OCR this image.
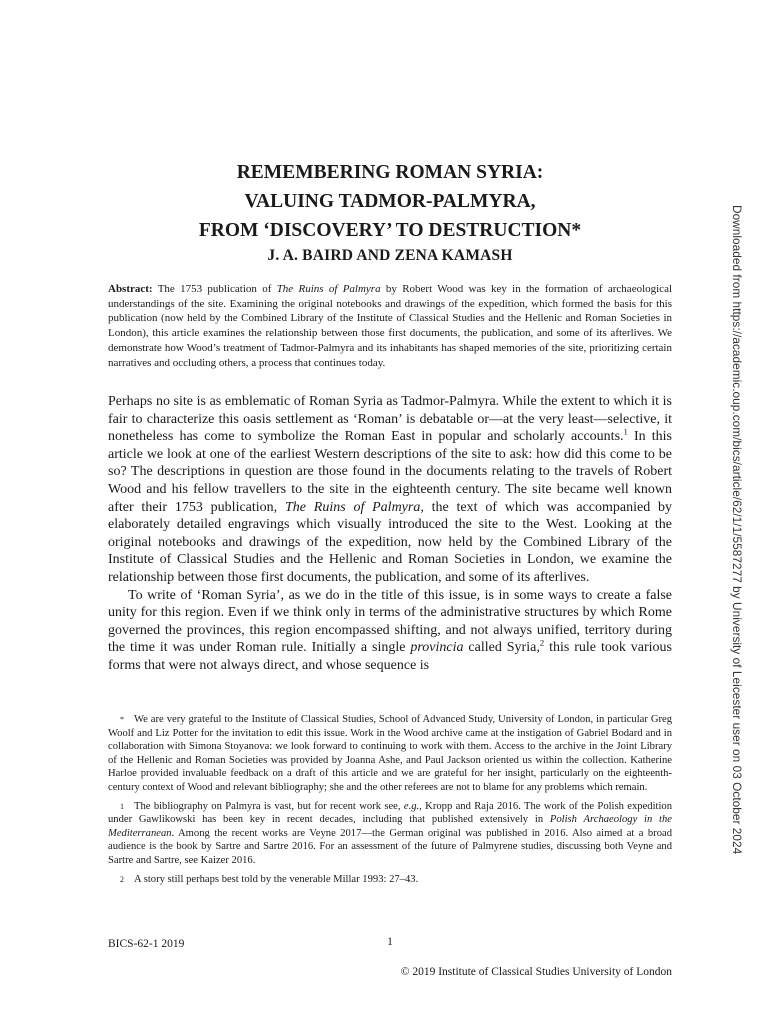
REMEMBERING ROMAN SYRIA:
VALUING TADMOR-PALMYRA,
FROM ‘DISCOVERY’ TO DESTRUCTION*
J. A. BAIRD AND ZENA KAMASH

Abstract: The 1753 publication of The Ruins of Palmyra by Robert Wood was key in the formation of archaeological understandings of the site. Examining the original notebooks and drawings of the expedition, which formed the basis for this publication (now held by the Combined Library of the Institute of Classical Studies and the Hellenic and Roman Societies in London), this article examines the relationship between those first documents, the publication, and some of its afterlives. We demonstrate how Wood’s treatment of Tadmor-Palmyra and its inhabitants has shaped memories of the site, prioritizing certain narratives and occluding others, a process that continues today.

Perhaps no site is as emblematic of Roman Syria as Tadmor-Palmyra. While the extent to which it is fair to characterize this oasis settlement as ‘Roman’ is debatable or—at the very least—selective, it nonetheless has come to symbolize the Roman East in popular and scholarly accounts.$^1$ In this article we look at one of the earliest Western descriptions of the site to ask: how did this come to be so? The descriptions in question are those found in the documents relating to the travels of Robert Wood and his fellow travellers to the site in the eighteenth century. The site became well known after their 1753 publication, The Ruins of Palmyra, the text of which was accompanied by elaborately detailed engravings which visually introduced the site to the West. Looking at the original notebooks and drawings of the expedition, now held by the Combined Library of the Institute of Classical Studies and the Hellenic and Roman Societies in London, we examine the relationship between those first documents, the publication, and some of its afterlives.

To write of ‘Roman Syria’, as we do in the title of this issue, is in some ways to create a false unity for this region. Even if we think only in terms of the administrative structures by which Rome governed the provinces, this region encompassed shifting, and not always unified, territory during the time it was under Roman rule. Initially a single provincia called Syria,$^2$ this rule took various forms that were not always direct, and whose sequence is

* We are very grateful to the Institute of Classical Studies, School of Advanced Study, University of London, in particular Greg Woolf and Liz Potter for the invitation to edit this issue. Work in the Wood archive came at the instigation of Gabriel Bodard and in collaboration with Simona Stoyanova: we look forward to continuing to work with them. Access to the archive in the Joint Library of the Hellenic and Roman Societies was provided by Joanna Ashe, and Paul Jackson oriented us within the collection. Katherine Harloe provided invaluable feedback on a draft of this article and we are grateful for her insight, particularly on the eighteenth-century context of Wood and relevant bibliography; she and the other referees are not to blame for any problems which remain.

1 The bibliography on Palmyra is vast, but for recent work see, e.g., Kropp and Raja 2016. The work of the Polish expedition under Gawlikowski has been key in recent decades, including that published extensively in Polish Archaeology in the Mediterranean. Among the recent works are Veyne 2017—the German original was published in 2016. Also aimed at a broad audience is the book by Sartre and Sartre 2016. For an assessment of the future of Palmyrene studies, discussing both Veyne and Sartre and Sartre, see Kaizer 2016.

2 A story still perhaps best told by the venerable Millar 1993: 27–43.

BICS-62-1 2019	1
© 2019 Institute of Classical Studies University of London
Downloaded from https://academic.oup.com/bics/article/62/1/1/5587277 by University of Leicester user on 03 October 2024
